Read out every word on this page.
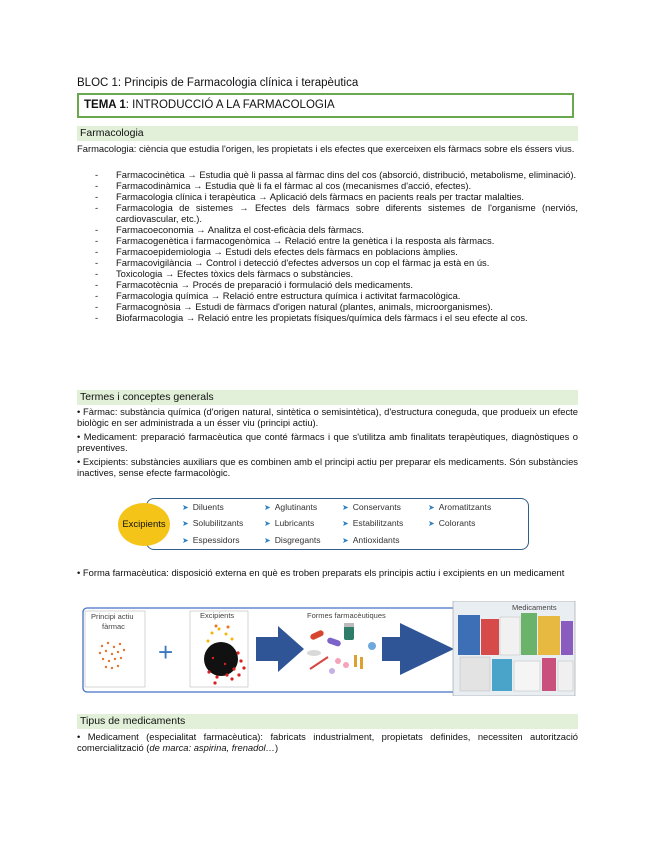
BLOC 1: Principis de Farmacologia clínica i terapèutica
TEMA 1: INTRODUCCIÓ A LA FARMACOLOGIA
Farmacologia
Farmacologia: ciència que estudia l'origen, les propietats i els efectes que exerceixen els fàrmacs sobre els éssers vius.
- Farmacocinètica → Estudia què li passa al fàrmac dins del cos (absorció, distribució, metabolisme, eliminació).
- Farmacodinàmica → Estudia què li fa el fàrmac al cos (mecanismes d'acció, efectes).
- Farmacologia clínica i terapèutica → Aplicació dels fàrmacs en pacients reals per tractar malalties.
- Farmacologia de sistemes → Efectes dels fàrmacs sobre diferents sistemes de l'organisme (nerviós, cardiovascular, etc.).
- Farmacoeconomia → Analitza el cost-eficàcia dels fàrmacs.
- Farmacogenètica i farmacogenòmica → Relació entre la genètica i la resposta als fàrmacs.
- Farmacoepidemiologia → Estudi dels efectes dels fàrmacs en poblacions àmplies.
- Farmacovigilància → Control i detecció d'efectes adversos un cop el fàrmac ja està en ús.
- Toxicologia → Efectes tòxics dels fàrmacs o substàncies.
- Farmacotècnia → Procés de preparació i formulació dels medicaments.
- Farmacologia química → Relació entre estructura química i activitat farmacològica.
- Farmacognòsia → Estudi de fàrmacs d'origen natural (plantes, animals, microorganismes).
- Biofarmacologia → Relació entre les propietats físiques/química dels fàrmacs i el seu efecte al cos.
Termes i conceptes generals
• Fàrmac: substància química (d'origen natural, sintètica o semisintètica), d'estructura coneguda, que produeix un efecte biològic en ser administrada a un ésser viu (principi actiu).
• Medicament: preparació farmacèutica que conté fàrmacs i que s'utilitza amb finalitats terapèutiques, diagnòstiques o preventives.
• Excipients: substàncies auxiliars que es combinen amb el principi actiu per preparar els medicaments. Són substàncies inactives, sense efecte farmacològic.
Excipients
➤ Diluents	➤ Aglutinants	➤ Conservants	➤ Aromatitzants
➤ Solubilitzants	➤ Lubricants	➤ Estabilitzants	➤ Colorants
➤ Espessidors	➤ Disgregants	➤ Antioxidants
• Forma farmacèutica: disposició externa en què es troben preparats els principis actiu i excipients en un medicament
Principi actiu
fàrmac
+
Excipients	Formes farmacèutiques
Medicaments
Tipus de medicaments
• Medicament (especialitat farmacèutica): fabricats industrialment, propietats definides, necessiten autorització comercialització (de marca: aspirina, frenadol…)
